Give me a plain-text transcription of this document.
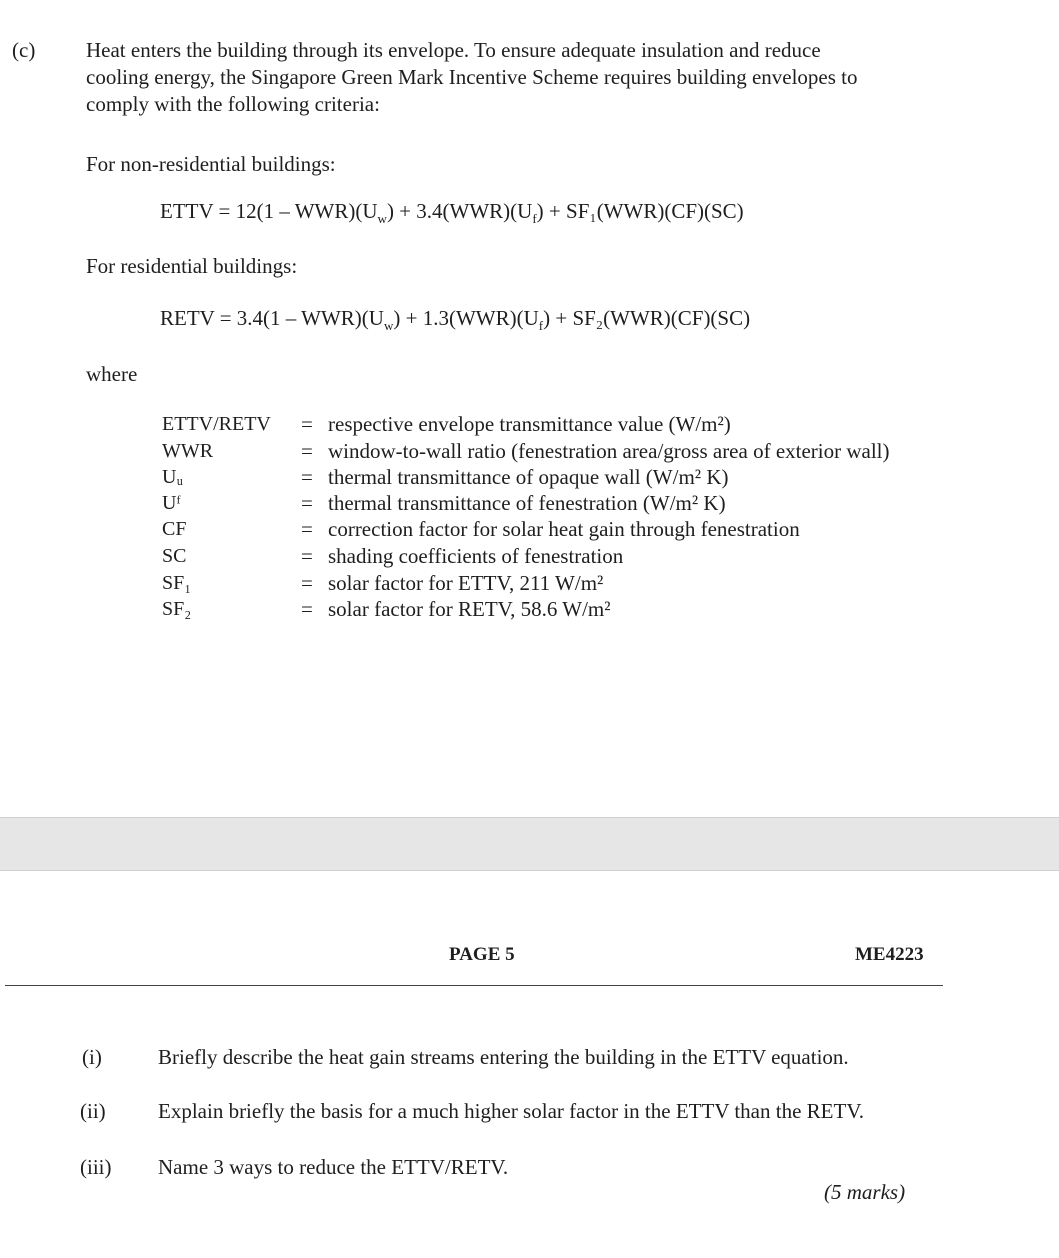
(c) Heat enters the building through its envelope. To ensure adequate insulation and reduce
cooling energy, the Singapore Green Mark Incentive Scheme requires building envelopes to
comply with the following criteria:
For non-residential buildings:
ETTV = $12(1 - WWR)(U_w) + 3.4(WWR)(U_f) + SF_1(WWR)(CF)(SC)$
For residential buildings:
RETV = $3.4(1 - WWR)(U_w) + 1.3(WWR)(U_f) + SF_2(WWR)(CF)(SC)$
where
ETTV/RETV = respective envelope transmittance value (W/m²)
WWR	= window-to-wall ratio (fenestration area/gross area of exterior wall)
Uᵤ	= thermal transmittance of opaque wall (W/m² K)
Uᶠ	= thermal transmittance of fenestration (W/m² K)
CF	= correction factor for solar heat gain through fenestration
SC	= shading coefficients of fenestration
SF₁	= solar factor for ETTV, 211 W/m²
SF₂	= solar factor for RETV, 58.6 W/m²
PAGE 5	ME4223
(i)	Briefly describe the heat gain streams entering the building in the ETTV equation.
(ii) Explain briefly the basis for a much higher solar factor in the ETTV than the RETV.
(iii) Name 3 ways to reduce the ETTV/RETV.
(5 marks)
